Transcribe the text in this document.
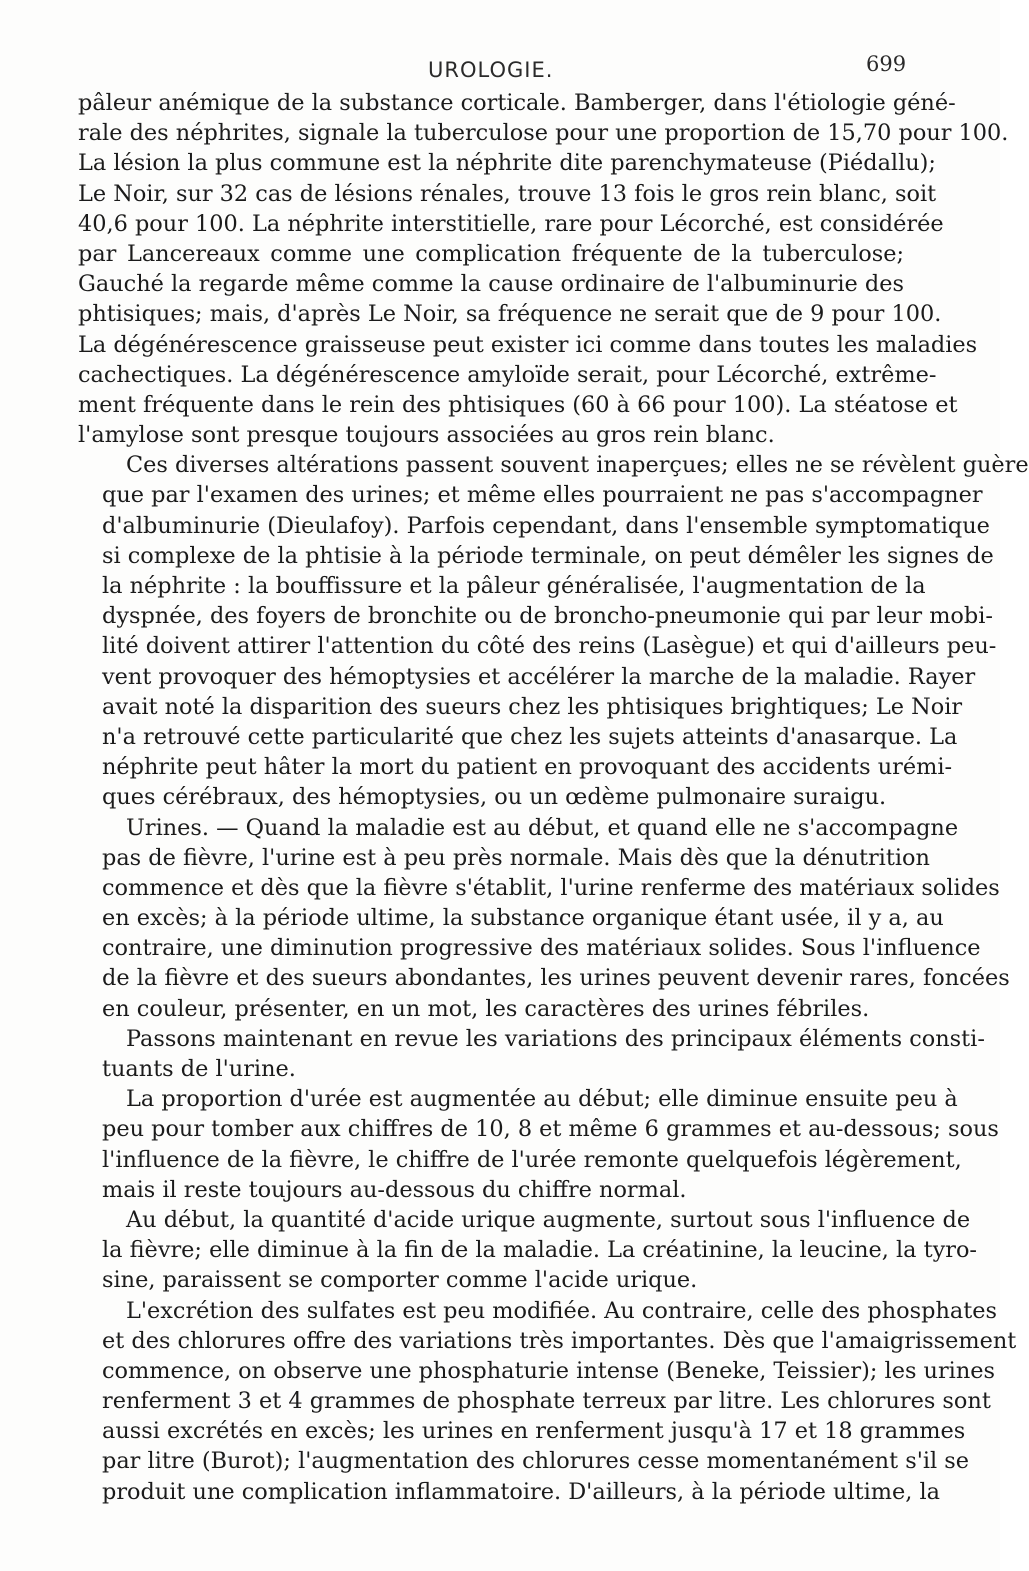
UROLOGIE.	699
pâleur anémique de la substance corticale. Bamberger, dans l'étiologie géné-
rale des néphrites, signale la tuberculose pour une proportion de 15,70 pour 100.
La lésion la plus commune est la néphrite dite parenchymateuse (Piédallu);
Le Noir, sur 32 cas de lésions rénales, trouve 13 fois le gros rein blanc, soit
40,6 pour 100. La néphrite interstitielle, rare pour Lécorché, est considérée
par Lancereaux comme une complication fréquente de la tuberculose;
Gauché la regarde même comme la cause ordinaire de l'albuminurie des
phtisiques; mais, d'après Le Noir, sa fréquence ne serait que de 9 pour 100.
La dégénérescence graisseuse peut exister ici comme dans toutes les maladies
cachectiques. La dégénérescence amyloïde serait, pour Lécorché, extrême-
ment fréquente dans le rein des phtisiques (60 à 66 pour 100). La stéatose et
l'amylose sont presque toujours associées au gros rein blanc.
Ces diverses altérations passent souvent inaperçues; elles ne se révèlent guère
que par l'examen des urines; et même elles pourraient ne pas s'accompagner
d'albuminurie (Dieulafoy). Parfois cependant, dans l'ensemble symptomatique
si complexe de la phtisie à la période terminale, on peut démêler les signes de
la néphrite : la bouffissure et la pâleur généralisée, l'augmentation de la
dyspnée, des foyers de bronchite ou de broncho-pneumonie qui par leur mobi-
lité doivent attirer l'attention du côté des reins (Lasègue) et qui d'ailleurs peu-
vent provoquer des hémoptysies et accélérer la marche de la maladie. Rayer
avait noté la disparition des sueurs chez les phtisiques brightiques; Le Noir
n'a retrouvé cette particularité que chez les sujets atteints d'anasarque. La
néphrite peut hâter la mort du patient en provoquant des accidents urémi-
ques cérébraux, des hémoptysies, ou un œdème pulmonaire suraigu.
Urines. — Quand la maladie est au début, et quand elle ne s'accompagne
pas de fièvre, l'urine est à peu près normale. Mais dès que la dénutrition
commence et dès que la fièvre s'établit, l'urine renferme des matériaux solides
en excès; à la période ultime, la substance organique étant usée, il y a, au
contraire, une diminution progressive des matériaux solides. Sous l'influence
de la fièvre et des sueurs abondantes, les urines peuvent devenir rares, foncées
en couleur, présenter, en un mot, les caractères des urines fébriles.
Passons maintenant en revue les variations des principaux éléments consti-
tuants de l'urine.
La proportion d'urée est augmentée au début; elle diminue ensuite peu à
peu pour tomber aux chiffres de 10, 8 et même 6 grammes et au-dessous; sous
l'influence de la fièvre, le chiffre de l'urée remonte quelquefois légèrement,
mais il reste toujours au-dessous du chiffre normal.
Au début, la quantité d'acide urique augmente, surtout sous l'influence de
la fièvre; elle diminue à la fin de la maladie. La créatinine, la leucine, la tyro-
sine, paraissent se comporter comme l'acide urique.
L'excrétion des sulfates est peu modifiée. Au contraire, celle des phosphates
et des chlorures offre des variations très importantes. Dès que l'amaigrissement
commence, on observe une phosphaturie intense (Beneke, Teissier); les urines
renferment 3 et 4 grammes de phosphate terreux par litre. Les chlorures sont
aussi excrétés en excès; les urines en renferment jusqu'à 17 et 18 grammes
par litre (Burot); l'augmentation des chlorures cesse momentanément s'il se
produit une complication inflammatoire. D'ailleurs, à la période ultime, la
